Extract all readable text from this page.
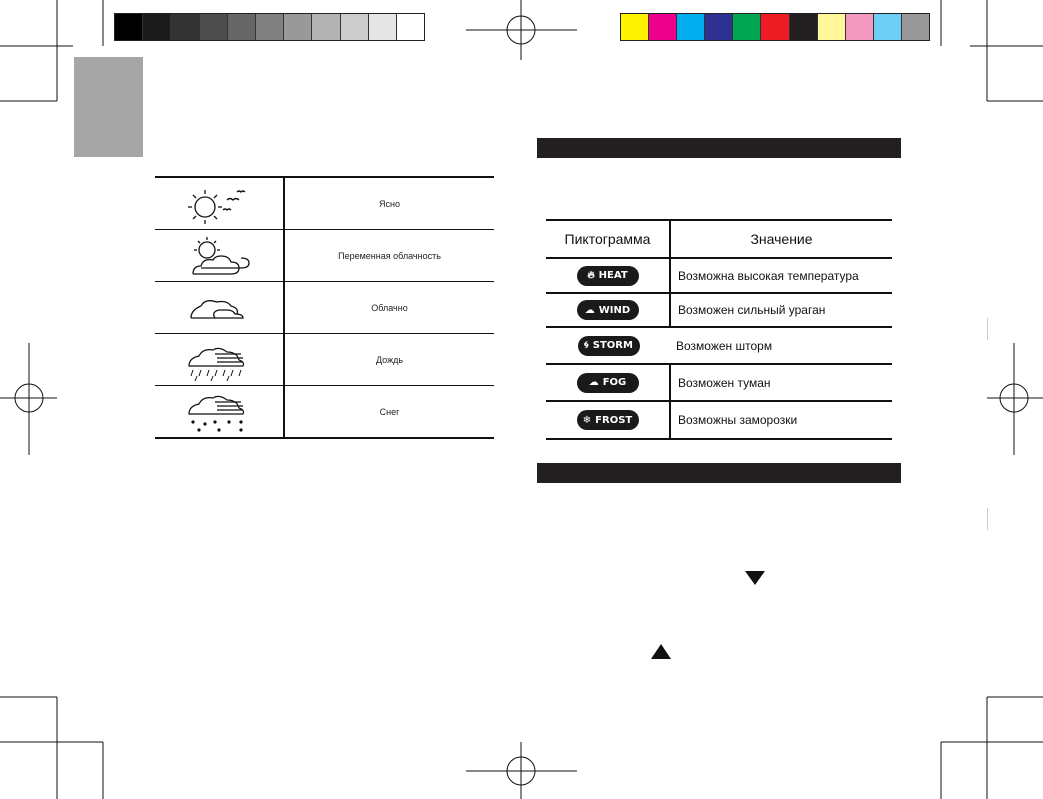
	Ясно

	Переменная облачность

	Облачно

	Дождь

	Снег
Пиктограмма	Значение
🔥︎ HEAT	Возможна высокая температура
☁ WIND	Возможен сильный ураган
🌀︎ STORM	Возможен шторм
☁ FOG	Возможен туман
❄︎ FROST	Возможны заморозки
